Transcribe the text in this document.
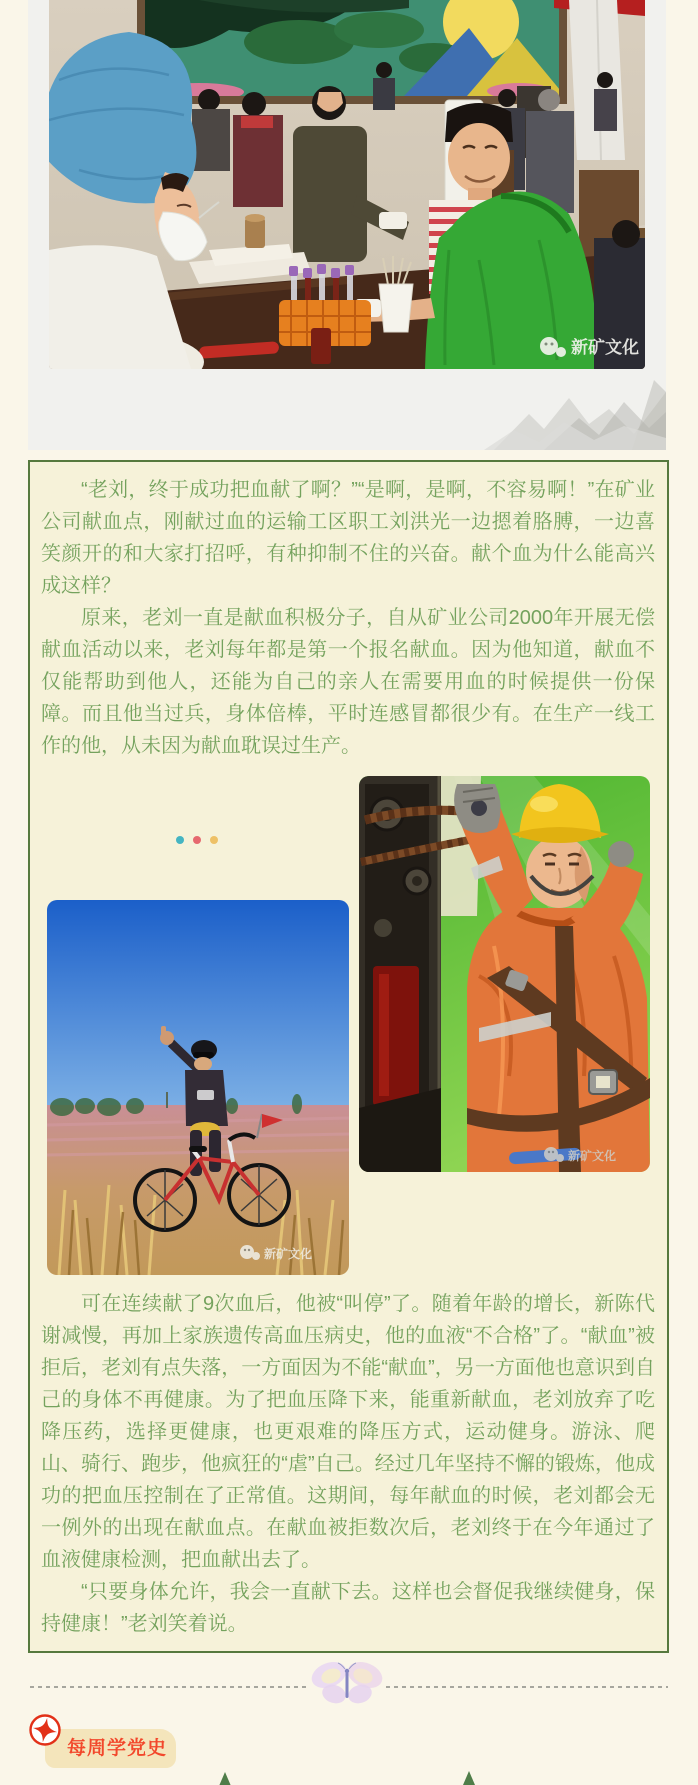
新矿文化

“老刘，终于成功把血献了啊？”“是啊，是啊，不容易啊！”在矿业公司献血点，刚献过血的运输工区职工刘洪光一边摁着胳膊，一边喜笑颜开的和大家打招呼，有种抑制不住的兴奋。献个血为什么能高兴成这样？

原来，老刘一直是献血积极分子，自从矿业公司2000年开展无偿献血活动以来，老刘每年都是第一个报名献血。因为他知道，献血不仅能帮助到他人，还能为自己的亲人在需要用血的时候提供一份保障。而且他当过兵，身体倍棒，平时连感冒都很少有。在生产一线工作的他，从未因为献血耽误过生产。

新矿文化
新矿文化

可在连续献了9次血后，他被“叫停”了。随着年龄的增长，新陈代谢减慢，再加上家族遗传高血压病史，他的血液“不合格”了。“献血”被拒后，老刘有点失落，一方面因为不能“献血”，另一方面他也意识到自己的身体不再健康。为了把血压降下来，能重新献血，老刘放弃了吃降压药，选择更健康，也更艰难的降压方式，运动健身。游泳、爬山、骑行、跑步，他疯狂的“虐”自己。经过几年坚持不懈的锻炼，他成功的把血压控制在了正常值。这期间，每年献血的时候，老刘都会无一例外的出现在献血点。在献血被拒数次后，老刘终于在今年通过了血液健康检测，把血献出去了。

“只要身体允许，我会一直献下去。这样也会督促我继续健身，保持健康！”老刘笑着说。

每周学党史
